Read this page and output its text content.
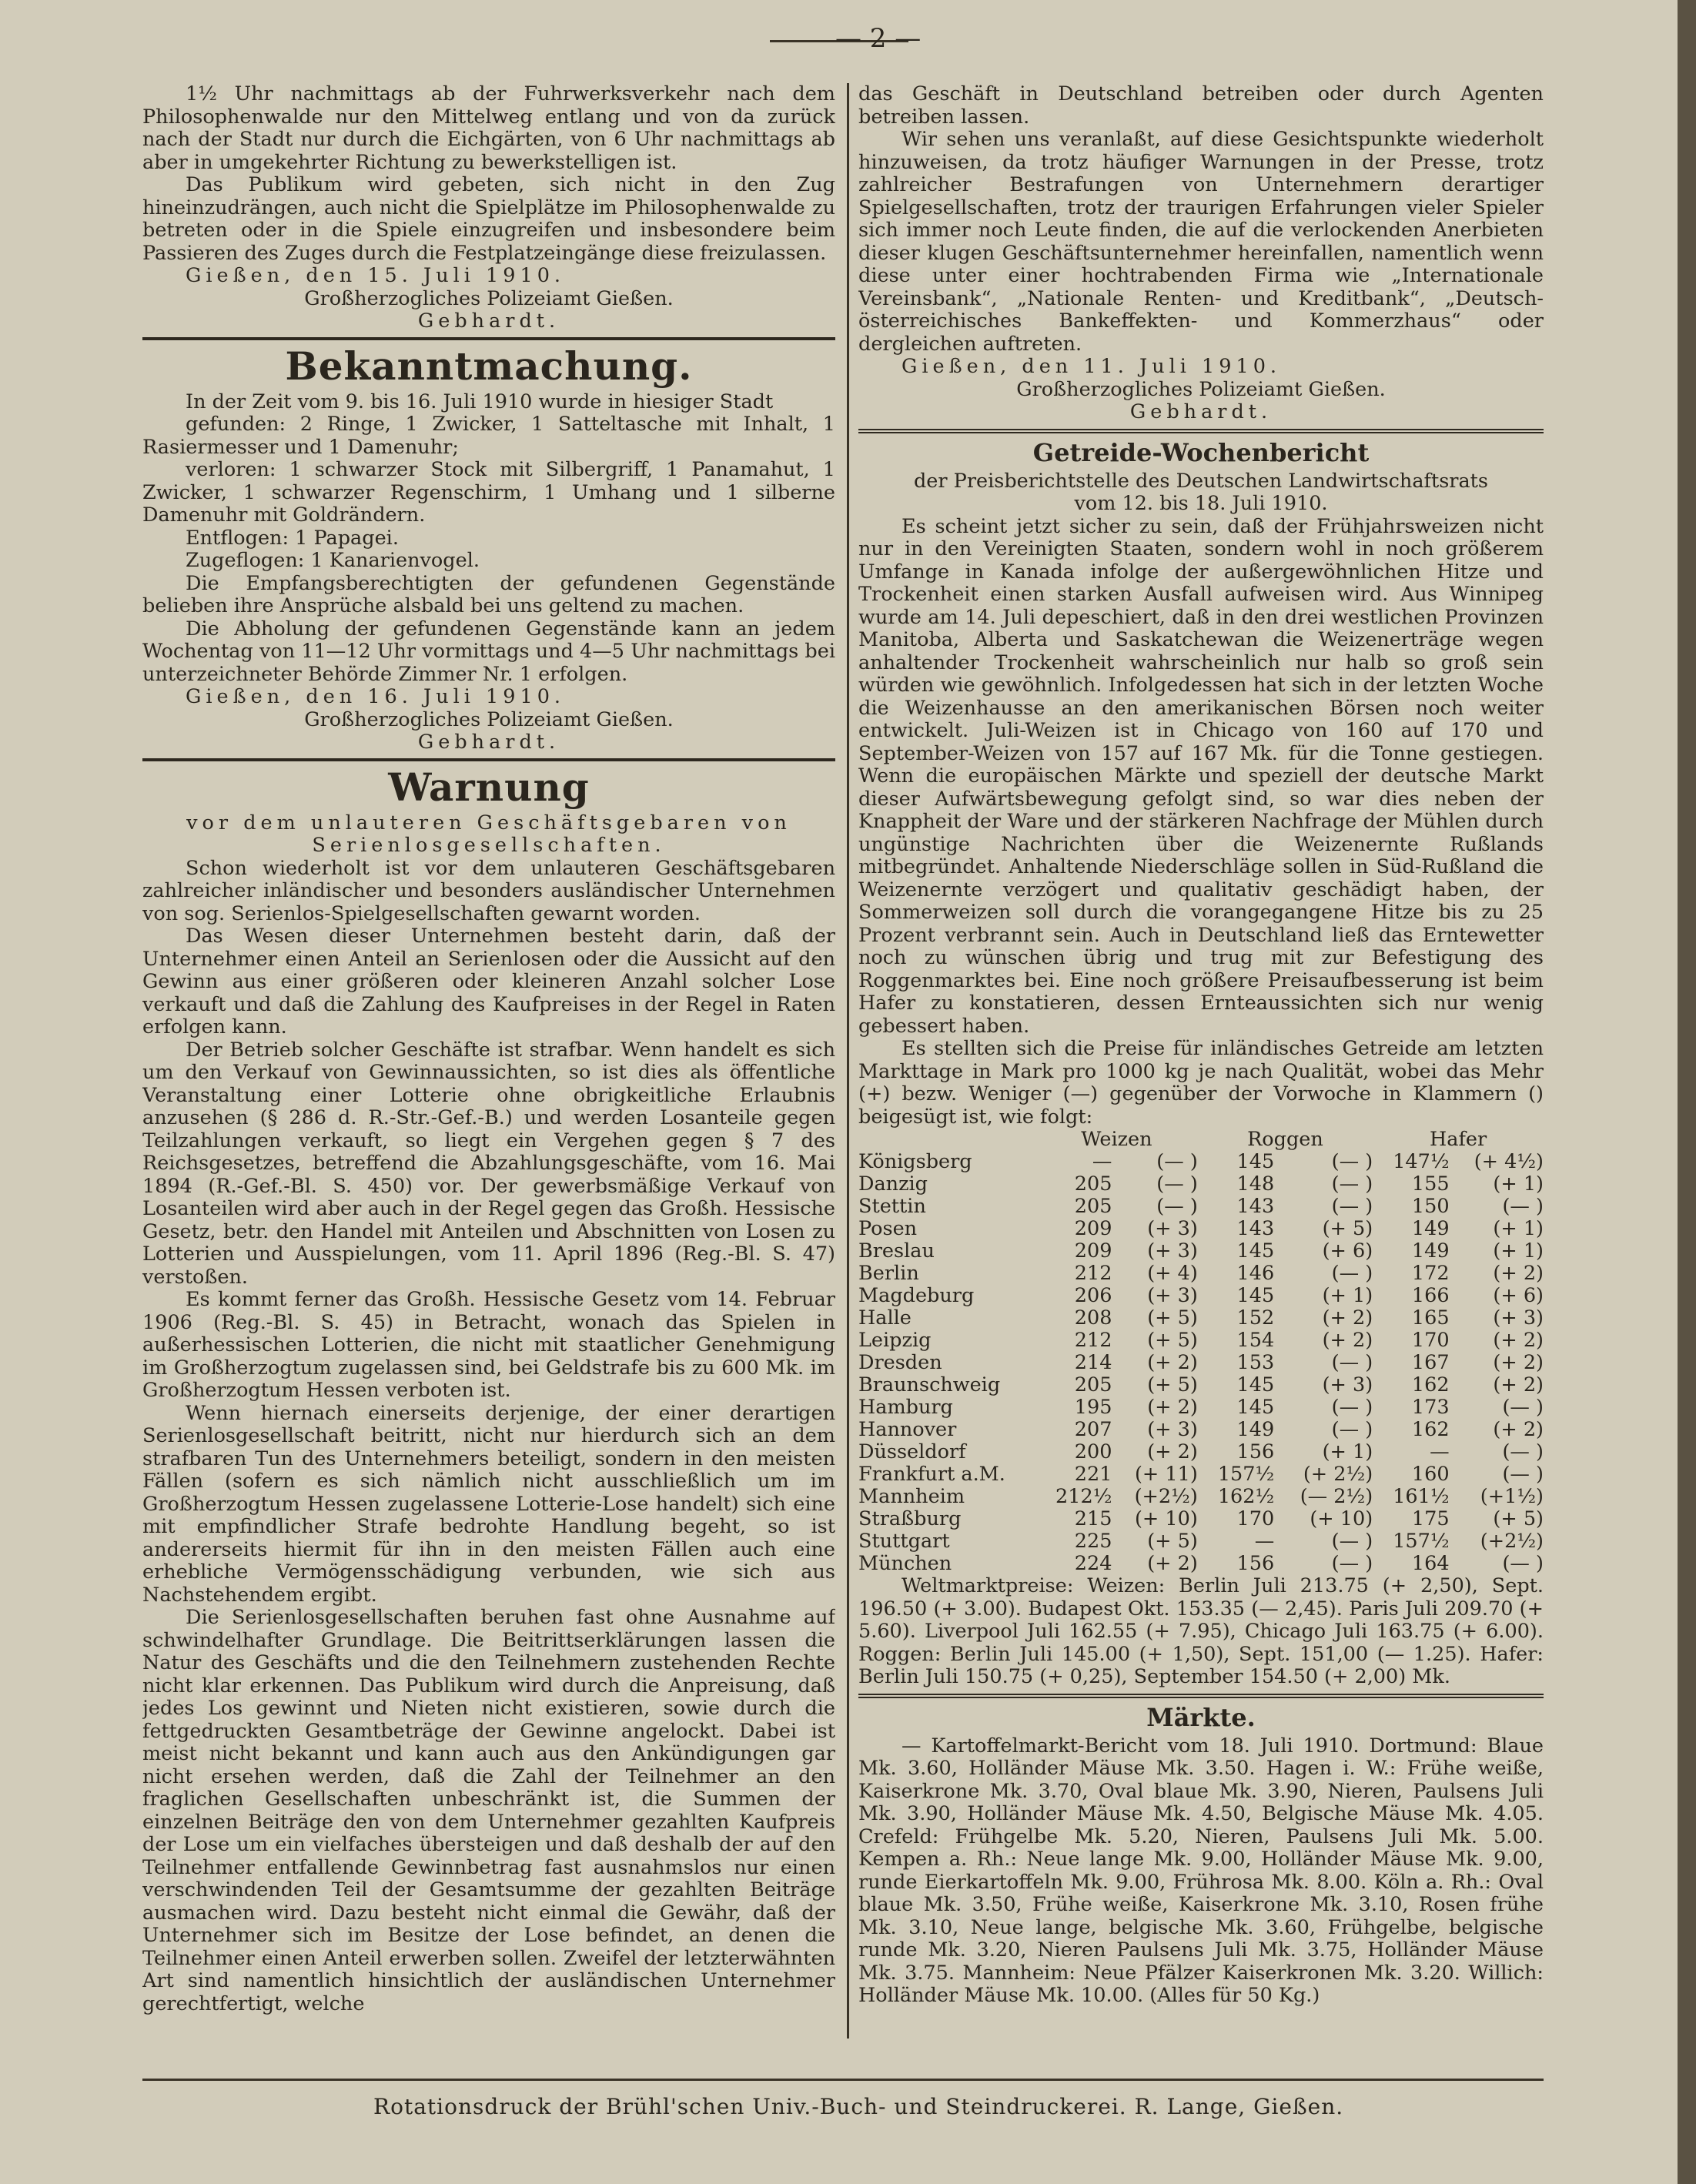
— 2 —

1½ Uhr nachmittags ab der Fuhrwerksverkehr nach dem Philosophenwalde nur den Mittelweg entlang und von da zurück nach der Stadt nur durch die Eichgärten, von 6 Uhr nachmittags ab aber in umgekehrter Richtung zu bewerkstelligen ist.

Das Publikum wird gebeten, sich nicht in den Zug hineinzudrängen, auch nicht die Spielplätze im Philosophenwalde zu betreten oder in die Spiele einzugreifen und insbesondere beim Passieren des Zuges durch die Festplatzeingänge diese freizulassen.

Gießen, den 15. Juli 1910.

Großherzogliches Polizeiamt Gießen.

Gebhardt.

Bekanntmachung.

In der Zeit vom 9. bis 16. Juli 1910 wurde in hiesiger Stadt

gefunden: 2 Ringe, 1 Zwicker, 1 Satteltasche mit Inhalt, 1 Rasiermesser und 1 Damenuhr;

verloren: 1 schwarzer Stock mit Silbergriff, 1 Panamahut, 1 Zwicker, 1 schwarzer Regenschirm, 1 Umhang und 1 silberne Damenuhr mit Goldrändern.

Entflogen: 1 Papagei.

Zugeflogen: 1 Kanarienvogel.

Die Empfangsberechtigten der gefundenen Gegenstände belieben ihre Ansprüche alsbald bei uns geltend zu machen.

Die Abholung der gefundenen Gegenstände kann an jedem Wochentag von 11—12 Uhr vormittags und 4—5 Uhr nachmittags bei unterzeichneter Behörde Zimmer Nr. 1 erfolgen.

Gießen, den 16. Juli 1910.

Großherzogliches Polizeiamt Gießen.

Gebhardt.

Warnung

vor dem unlauteren Geschäftsgebaren von Serienlosgesellschaften.

Schon wiederholt ist vor dem unlauteren Geschäftsgebaren zahlreicher inländischer und besonders ausländischer Unternehmen von sog. Serienlos-Spielgesellschaften gewarnt worden.

Das Wesen dieser Unternehmen besteht darin, daß der Unternehmer einen Anteil an Serienlosen oder die Aussicht auf den Gewinn aus einer größeren oder kleineren Anzahl solcher Lose verkauft und daß die Zahlung des Kaufpreises in der Regel in Raten erfolgen kann.

Der Betrieb solcher Geschäfte ist strafbar. Wenn handelt es sich um den Verkauf von Gewinnaussichten, so ist dies als öffentliche Veranstaltung einer Lotterie ohne obrigkeitliche Erlaubnis anzusehen (§ 286 d. R.-Str.-Gef.-B.) und werden Losanteile gegen Teilzahlungen verkauft, so liegt ein Vergehen gegen § 7 des Reichsgesetzes, betreffend die Abzahlungsgeschäfte, vom 16. Mai 1894 (R.-Gef.-Bl. S. 450) vor. Der gewerbsmäßige Verkauf von Losanteilen wird aber auch in der Regel gegen das Großh. Hessische Gesetz, betr. den Handel mit Anteilen und Abschnitten von Losen zu Lotterien und Ausspielungen, vom 11. April 1896 (Reg.-Bl. S. 47) verstoßen.

Es kommt ferner das Großh. Hessische Gesetz vom 14. Februar 1906 (Reg.-Bl. S. 45) in Betracht, wonach das Spielen in außerhessischen Lotterien, die nicht mit staatlicher Genehmigung im Großherzogtum zugelassen sind, bei Geldstrafe bis zu 600 Mk. im Großherzogtum Hessen verboten ist.

Wenn hiernach einerseits derjenige, der einer derartigen Serienlosgesellschaft beitritt, nicht nur hierdurch sich an dem strafbaren Tun des Unternehmers beteiligt, sondern in den meisten Fällen (sofern es sich nämlich nicht ausschließlich um im Großherzogtum Hessen zugelassene Lotterie-Lose handelt) sich eine mit empfindlicher Strafe bedrohte Handlung begeht, so ist andererseits hiermit für ihn in den meisten Fällen auch eine erhebliche Vermögensschädigung verbunden, wie sich aus Nachstehendem ergibt.

Die Serienlosgesellschaften beruhen fast ohne Ausnahme auf schwindelhafter Grundlage. Die Beitrittserklärungen lassen die Natur des Geschäfts und die den Teilnehmern zustehenden Rechte nicht klar erkennen. Das Publikum wird durch die Anpreisung, daß jedes Los gewinnt und Nieten nicht existieren, sowie durch die fettgedruckten Gesamtbeträge der Gewinne angelockt. Dabei ist meist nicht bekannt und kann auch aus den Ankündigungen gar nicht ersehen werden, daß die Zahl der Teilnehmer an den fraglichen Gesellschaften unbeschränkt ist, die Summen der einzelnen Beiträge den von dem Unternehmer gezahlten Kaufpreis der Lose um ein vielfaches übersteigen und daß deshalb der auf den Teilnehmer entfallende Gewinnbetrag fast ausnahmslos nur einen verschwindenden Teil der Gesamtsumme der gezahlten Beiträge ausmachen wird. Dazu besteht nicht einmal die Gewähr, daß der Unternehmer sich im Besitze der Lose befindet, an denen die Teilnehmer einen Anteil erwerben sollen. Zweifel der letzterwähnten Art sind namentlich hinsichtlich der ausländischen Unternehmer gerechtfertigt, welche

das Geschäft in Deutschland betreiben oder durch Agenten betreiben lassen.

Wir sehen uns veranlaßt, auf diese Gesichtspunkte wiederholt hinzuweisen, da trotz häufiger Warnungen in der Presse, trotz zahlreicher Bestrafungen von Unternehmern derartiger Spielgesellschaften, trotz der traurigen Erfahrungen vieler Spieler sich immer noch Leute finden, die auf die verlockenden Anerbieten dieser klugen Geschäftsunternehmer hereinfallen, namentlich wenn diese unter einer hochtrabenden Firma wie „Internationale Vereinsbank“, „Nationale Renten- und Kreditbank“, „Deutsch-österreichisches Bankeffekten- und Kommerzhaus“ oder dergleichen auftreten.

Gießen, den 11. Juli 1910.

Großherzogliches Polizeiamt Gießen.

Gebhardt.

Getreide-Wochenbericht

der Preisberichtstelle des Deutschen Landwirtschaftsrats

vom 12. bis 18. Juli 1910.

Es scheint jetzt sicher zu sein, daß der Frühjahrsweizen nicht nur in den Vereinigten Staaten, sondern wohl in noch größerem Umfange in Kanada infolge der außergewöhnlichen Hitze und Trockenheit einen starken Ausfall aufweisen wird. Aus Winnipeg wurde am 14. Juli depeschiert, daß in den drei westlichen Provinzen Manitoba, Alberta und Saskatchewan die Weizenerträge wegen anhaltender Trockenheit wahrscheinlich nur halb so groß sein würden wie gewöhnlich. Infolgedessen hat sich in der letzten Woche die Weizenhausse an den amerikanischen Börsen noch weiter entwickelt. Juli-Weizen ist in Chicago von 160 auf 170 und September-Weizen von 157 auf 167 Mk. für die Tonne gestiegen. Wenn die europäischen Märkte und speziell der deutsche Markt dieser Aufwärtsbewegung gefolgt sind, so war dies neben der Knappheit der Ware und der stärkeren Nachfrage der Mühlen durch ungünstige Nachrichten über die Weizenernte Rußlands mitbegründet. Anhaltende Niederschläge sollen in Süd-Rußland die Weizenernte verzögert und qualitativ geschädigt haben, der Sommerweizen soll durch die vorangegangene Hitze bis zu 25 Prozent verbrannt sein. Auch in Deutschland ließ das Erntewetter noch zu wünschen übrig und trug mit zur Befestigung des Roggenmarktes bei. Eine noch größere Preisaufbesserung ist beim Hafer zu konstatieren, dessen Ernteaussichten sich nur wenig gebessert haben.

Es stellten sich die Preise für inländisches Getreide am letzten Markttage in Mark pro 1000 kg je nach Qualität, wobei das Mehr (+) bezw. Weniger (—) gegenüber der Vorwoche in Klammern () beigesügt ist, wie folgt:

	Weizen		Roggen		Hafer	
Königsberg	—	(— )	145	(— )	147½	(+ 4½)
Danzig	205	(— )	148	(— )	155	(+ 1)
Stettin	205	(— )	143	(— )	150	(— )
Posen	209	(+ 3)	143	(+ 5)	149	(+ 1)
Breslau	209	(+ 3)	145	(+ 6)	149	(+ 1)
Berlin	212	(+ 4)	146	(— )	172	(+ 2)
Magdeburg	206	(+ 3)	145	(+ 1)	166	(+ 6)
Halle	208	(+ 5)	152	(+ 2)	165	(+ 3)
Leipzig	212	(+ 5)	154	(+ 2)	170	(+ 2)
Dresden	214	(+ 2)	153	(— )	167	(+ 2)
Braunschweig	205	(+ 5)	145	(+ 3)	162	(+ 2)
Hamburg	195	(+ 2)	145	(— )	173	(— )
Hannover	207	(+ 3)	149	(— )	162	(+ 2)
Düsseldorf	200	(+ 2)	156	(+ 1)	—	(— )
Frankfurt a.M.	221	(+ 11)	157½	(+ 2½)	160	(— )
Mannheim	212½	(+2½)	162½	(— 2½)	161½	(+1½)
Straßburg	215	(+ 10)	170	(+ 10)	175	(+ 5)
Stuttgart	225	(+ 5)	—	(— )	157½	(+2½)
München	224	(+ 2)	156	(— )	164	(— )

Weltmarktpreise: Weizen: Berlin Juli 213.75 (+ 2,50), Sept. 196.50 (+ 3.00). Budapest Okt. 153.35 (— 2,45). Paris Juli 209.70 (+ 5.60). Liverpool Juli 162.55 (+ 7.95), Chicago Juli 163.75 (+ 6.00). Roggen: Berlin Juli 145.00 (+ 1,50), Sept. 151,00 (— 1.25). Hafer: Berlin Juli 150.75 (+ 0,25), September 154.50 (+ 2,00) Mk.

Märkte.

— Kartoffelmarkt-Bericht vom 18. Juli 1910. Dortmund: Blaue Mk. 3.60, Holländer Mäuse Mk. 3.50. Hagen i. W.: Frühe weiße, Kaiserkrone Mk. 3.70, Oval blaue Mk. 3.90, Nieren, Paulsens Juli Mk. 3.90, Holländer Mäuse Mk. 4.50, Belgische Mäuse Mk. 4.05. Crefeld: Frühgelbe Mk. 5.20, Nieren, Paulsens Juli Mk. 5.00. Kempen a. Rh.: Neue lange Mk. 9.00, Holländer Mäuse Mk. 9.00, runde Eierkartoffeln Mk. 9.00, Frührosa Mk. 8.00. Köln a. Rh.: Oval blaue Mk. 3.50, Frühe weiße, Kaiserkrone Mk. 3.10, Rosen frühe Mk. 3.10, Neue lange, belgische Mk. 3.60, Frühgelbe, belgische runde Mk. 3.20, Nieren Paulsens Juli Mk. 3.75, Holländer Mäuse Mk. 3.75. Mannheim: Neue Pfälzer Kaiserkronen Mk. 3.20. Willich: Holländer Mäuse Mk. 10.00. (Alles für 50 Kg.)

Rotationsdruck der Brühl'schen Univ.-Buch- und Steindruckerei. R. Lange, Gießen.
